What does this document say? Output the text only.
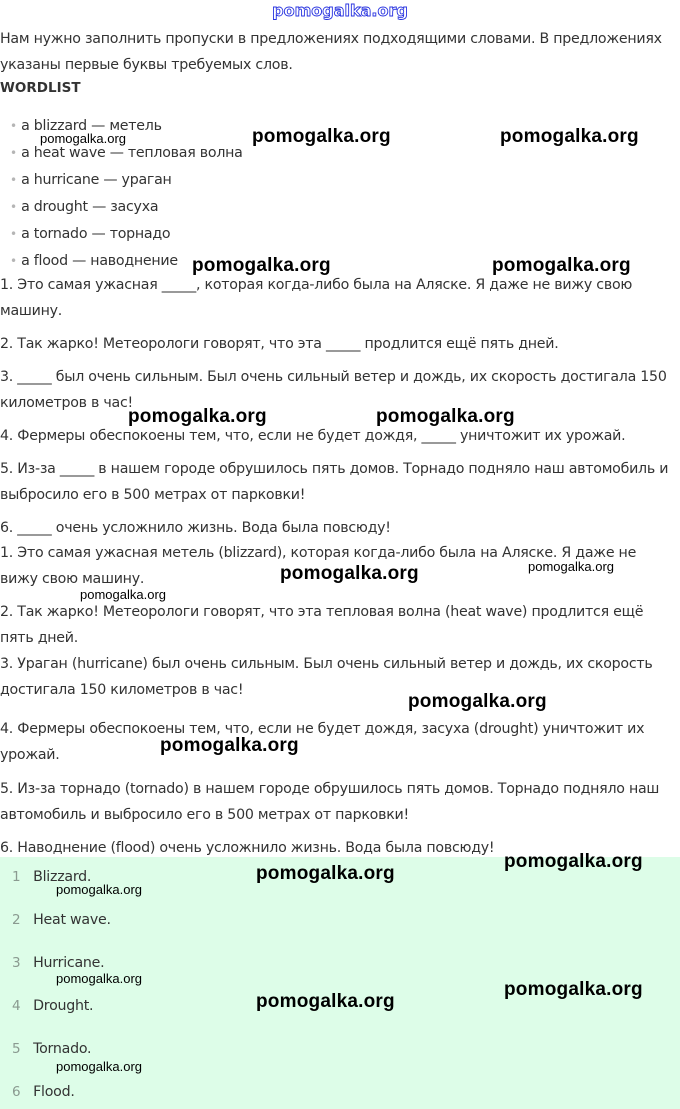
pomogalka.org
Нам нужно заполнить пропуски в предложениях подходящими словами. В предложениях указаны первые буквы требуемых слов.
WORDLIST
• a blizzard — метель
• a heat wave — тепловая волна
• a hurricane — ураган
• a drought — засуха
• a tornado — торнадо
• a flood — наводнение
1. Это самая ужасная _____, которая когда-либо была на Аляске. Я даже не вижу свою машину.
2. Так жарко! Метеорологи говорят, что эта _____ продлится ещё пять дней.
3. _____ был очень сильным. Был очень сильный ветер и дождь, их скорость достигала 150 километров в час!
4. Фермеры обеспокоены тем, что, если не будет дождя, _____ уничтожит их урожай.
5. Из-за _____ в нашем городе обрушилось пять домов. Торнадо подняло наш автомобиль и выбросило его в 500 метрах от парковки!
6. _____ очень усложнило жизнь. Вода была повсюду!
1. Это самая ужасная метель (blizzard), которая когда-либо была на Аляске. Я даже не вижу свою машину.
2. Так жарко! Метеорологи говорят, что эта тепловая волна (heat wave) продлится ещё пять дней.
3. Ураган (hurricane) был очень сильным. Был очень сильный ветер и дождь, их скорость достигала 150 километров в час!
4. Фермеры обеспокоены тем, что, если не будет дождя, засуха (drought) уничтожит их урожай.
5. Из-за торнадо (tornado) в нашем городе обрушилось пять домов. Торнадо подняло наш автомобиль и выбросило его в 500 метрах от парковки!
6. Наводнение (flood) очень усложнило жизнь. Вода была повсюду!
1 Blizzard.
2 Heat wave.
3 Hurricane.
4 Drought.
5 Tornado.
6 Flood.
pomogalka.org	pomogalka.org	pomogalka.org
pomogalka.org	pomogalka.org
pomogalka.org	pomogalka.org
pomogalka.org	pomogalka.org
pomogalka.org
pomogalka.org
pomogalka.org
pomogalka.org
pomogalka.org
pomogalka.org
pomogalka.org
pomogalka.org
pomogalka.org
pomogalka.org
